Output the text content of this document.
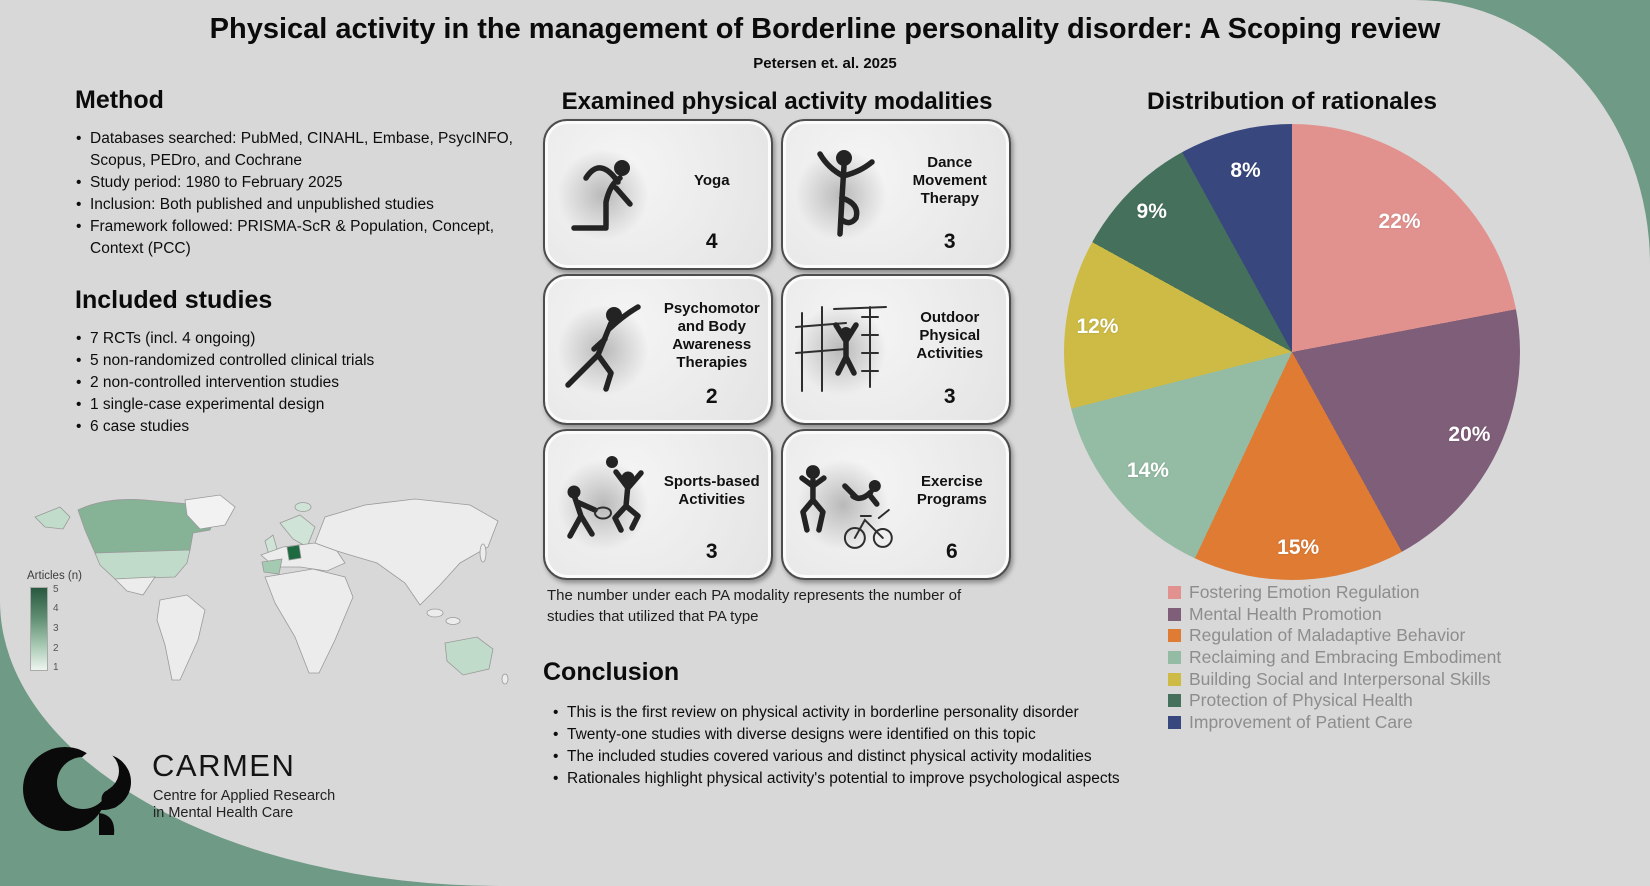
Physical activity in the management of Borderline personality disorder: A Scoping review
Petersen et. al. 2025
Method
• Databases searched: PubMed, CINAHL, Embase, PsycINFO, Scopus, PEDro, and Cochrane
• Study period: 1980 to February 2025
• Inclusion: Both published and unpublished studies
• Framework followed: PRISMA-ScR & Population, Concept, Context (PCC)
Included studies
• 7 RCTs (incl. 4 ongoing)
• 5 non-randomized controlled clinical trials
• 2 non-controlled intervention studies
• 1 single-case experimental design
• 6 case studies
Articles (n)
5
4
3
2
1
CARMEN
Centre for Applied Research
in Mental Health Care
Examined physical activity modalities
Yoga
4
Dance Movement Therapy
3
Psychomotor and Body Awareness Therapies
2
Outdoor Physical Activities
3
Sports-based Activities
3
Exercise Programs
6
The number under each PA modality represents the number of studies that utilized that PA type
Conclusion
• This is the first review on physical activity in borderline personality disorder
• Twenty-one studies with diverse designs were identified on this topic
• The included studies covered various and distinct physical activity modalities
• Rationales highlight physical activity's potential to improve psychological aspects
Distribution of rationales
22%
20%
15%
14%
12%
9%
8%
Fostering Emotion Regulation
Mental Health Promotion
Regulation of Maladaptive Behavior
Reclaiming and Embracing Embodiment
Building Social and Interpersonal Skills
Protection of Physical Health
Improvement of Patient Care
